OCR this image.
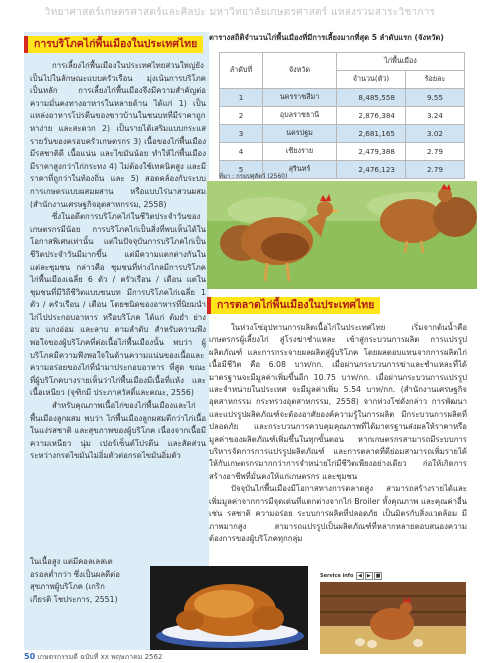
วิทยาศาสตร์เกษตรศาสตร์และศิลปะ มหาวิทยาลัยเกษตรศาสตร์ แหล่งรวมสาระวิชาการ
การบริโภคไก่พื้นเมืองในประเทศไทย

การเลี้ยงไก่พื้นเมืองในประเทศไทยส่วนใหญ่ยังเป็นไปในลักษณะแบบครัวเรือน มุ่งเน้นการบริโภคเป็นหลัก การเลี้ยงไก่พื้นเมืองจึงมีความสำคัญต่อความมั่นคงทางอาหารในหลายด้าน ได้แก่ 1) เป็นแหล่งอาหารโปรตีนของชาวบ้านในชนบทที่มีราคาถูก หาง่าย และสะดวก 2) เป็นรายได้เสริมแบบกระแสรายวันของครอบครัวเกษตรกร 3) เนื้อของไก่พื้นเมืองมีรสชาติดี เนื้อแน่น และไขมันน้อย ทำให้ไก่พื้นเมืองมีราคาสูงกว่าไก่กระทง 4) ไม่ต้องใช้เทคนิคสูง และมีราคาที่ถูกว่าในท้องถิ่น และ 5) สอดคล้องกับระบบการเกษตรแบบผสมผสาน หรือแบบไร่นาสวนผสม (สำนักงานเศรษฐกิจอุตสาหกรรม, 2558)

ซึ่งในอดีตการบริโภคไก่ในชีวิตประจำวันของเกษตรกรมีน้อย การบริโภคไก่เป็นสิ่งที่พบเห็นได้ในโอกาสพิเศษเท่านั้น แต่ในปัจจุบันการบริโภคไก่เป็นชีวิตประจำวันมีมากขึ้น แต่มีความแตกต่างกันในแต่ละชุมชน กล่าวคือ ชุมชนที่ห่างไกลมีการบริโภคไก่พื้นเมืองเฉลี่ย 6 ตัว / ครัวเรือน / เดือน แต่ในชุมชนที่มีวิถีชีวิตแบบชนบท มีการบริโภคไก่เฉลี่ย 1 ตัว / ครัวเรือน / เดือน โดยชนิดของอาหารที่นิยมนำไก่ไปประกอบอาหาร หรือบริโภค ได้แก่ ต้มยำ ย่าง อบ แกงอ่อม และลาบ ตามลำดับ สำหรับความพึงพอใจของผู้บริโภคที่ต่อเนื้อไก่พื้นเมืองนั้น พบว่า ผู้บริโภคมีความพึงพอใจในด้านความแน่นของเนื้อและความอร่อยของไก่ที่นำมาประกอบอาหาร ที่สูด ขณะที่ผู้บริโภคบางรายเห็นว่าไก่พื้นเมืองมีเนื้อที่แห้ง และเนื้อเหนียว (จุฑิกมี ประภาสวัสดิ์และคณะ, 2556)

สำหรับคุณภาพเนื้อไก่ของไก่พื้นเมืองและไก่พื้นเมืองลูกผสม พบว่า ไก่พื้นเมืองลูกผสมตีกว่าไก่เนื้อในแง่รสชาติ และสุขภาพของผู้บริโภค เนื่องจากเนื้อมีความเหนียว นุ่ม เปอร์เซ็นต์โปรตีน และสัดส่วนระหว่างกรดไขมันไม่อิ่มตัวต่อกรดไขมันอิ่มตัว

ในเนื้อสูง แต่มีคอลเลสเตอรอลต่ำกว่า ซึ่งเป็นผลดีต่อสุขภาพผู้บริโภค (เกริกเกียรติ โชประการ, 2551)
ตารางสถิติจำนวนไก่พื้นเมืองที่มีการเลี้ยงมากที่สุด 5 ลำดับแรก (จังหวัด)
ลำดับที่	จังหวัด	ไก่พื้นเมือง	
		จำนวน(ตัว)	ร้อยละ
1	นครราชสีมา	8,485,558	9.55
2	อุบลราชธานี	2,876,384	3.24
3	นครปฐม	2,681,165	3.02
4	เชียงราย	2,479,388	2.79
5	สุรินทร์	2,476,123	2.79
ที่มา : กรมปศุสัตว์ (2560)
การตลาดไก่พื้นเมืองในประเทศไทย

ในห่วงโซ่อุปทานการผลิตเนื้อไก่ในประเทศไทย เริ่มจากต้นน้ำคือ เกษตรกรผู้เลี้ยงไก่ สู่โรงฆ่าชำแหละ เข้าสู่กระบวนการผลิต การแปรรูปผลิตภัณฑ์ และการกระจายผลผลิตสู่ผู้บริโภค โดยผลตอบแทนจากการผลิตไก่เนื้อมีชีวิต คือ 6.08 บาท/กก. เมื่อผ่านกระบวนการฆ่าและชำแหละที่ได้มาตรฐานจะมีมูลค่าเพิ่มขึ้นอีก 10.75 บาท/กก. เมื่อผ่านกระบวนการแปรรูปและจำหน่ายในประเทศ จะมีมูลค่าเพิ่ม 5.54 บาท/กก. (สำนักงานเศรษฐกิจอุตสาหกรรม กระทรวงอุตสาหกรรม, 2558) จากห่วงโซ่ดังกล่าว การพัฒนาและแปรรูปผลิตภัณฑ์จะต้องอาศัยองค์ความรู้ในการผลิต มีกระบวนการผลิตที่ปลอดภัย และกระบวนการควบคุมคุณภาพที่ได้มาตรฐานส่งผลให้ราคาหรือมูลค่าของผลิตภัณฑ์เพิ่มขึ้นในทุกขั้นตอน หากเกษตรกรสามารถมีระบบการบริหารจัดการการแปรรูปผลิตภัณฑ์ และการตลาดที่ดีย่อมสามารถเพิ่มรายได้ให้กับเกษตรกรมากกว่าการจำหน่ายไก่มีชีวิตเพียงอย่างเดียว ก่อให้เกิดการสร้างอาชีพที่มั่นคงให้แก่เกษตรกร และชุมชน

ปัจจุบันไก่พื้นเมืองมีโอกาสทางการตลาดสูง สามารถสร้างรายได้และเพิ่มมูลค่าจากการมีจุดเด่นที่แตกต่างจากไก่ Broiler ทั้งคุณภาพ และคุณค่าอื่น เช่น รสชาติ ความอร่อย ระบบการผลิตที่ปลอดภัย เป็นมิตรกับสิ่งแวดล้อม มีภาพมากสูง สามารถแปรรูปเป็นผลิตภัณฑ์ที่หลากหลายตอบสนองความต้องการของผู้บริโภคทุกกลุ่ม

Service info ◀ ▶ ■
50 เกษตรกรรมดี ฉบับที่ xx พฤษภาคม 2562
